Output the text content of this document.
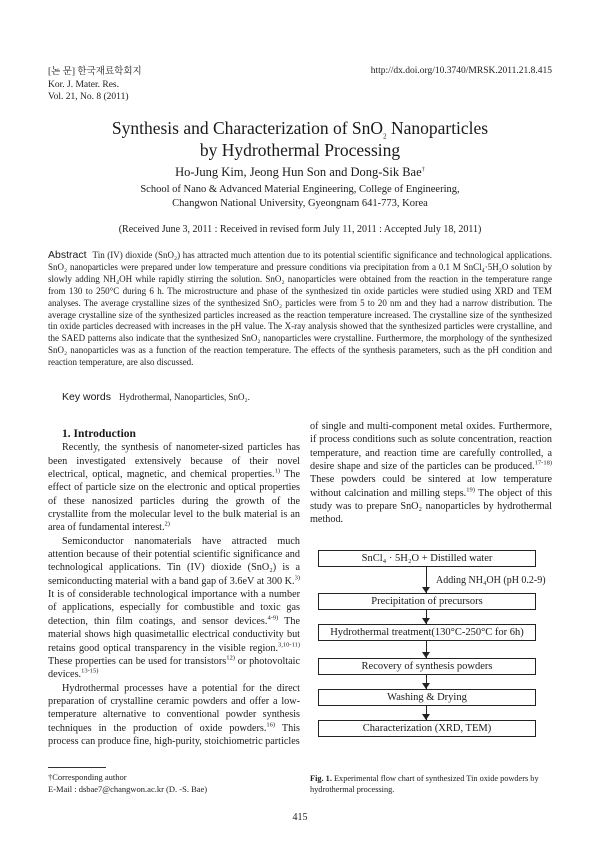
[논 문] 한국재료학회지
Kor. J. Mater. Res.
Vol. 21, No. 8 (2011)
http://dx.doi.org/10.3740/MRSK.2011.21.8.415
Synthesis and Characterization of SnO$_2$ Nanoparticles
by Hydrothermal Processing
Ho-Jung Kim, Jeong Hun Son and Dong-Sik Bae†
School of Nano & Advanced Material Engineering, College of Engineering,
Changwon National University, Gyeongnam 641-773, Korea
(Received June 3, 2011 : Received in revised form July 11, 2011 : Accepted July 18, 2011)
Abstract Tin (IV) dioxide (SnO₂) has attracted much attention due to its potential scientific significance and technological applications. SnO₂ nanoparticles were prepared under low temperature and pressure conditions via precipitation from a 0.1 M SnCl₄·5H₂O solution by slowly adding NH₄OH while rapidly stirring the solution. SnO₂ nanoparticles were obtained from the reaction in the temperature range from 130 to 250°C during 6 h. The microstructure and phase of the synthesized tin oxide particles were studied using XRD and TEM analyses. The average crystalline sizes of the synthesized SnO₂ particles were from 5 to 20 nm and they had a narrow distribution. The average crystalline size of the synthesized particles increased as the reaction temperature increased. The crystalline size of the synthesized tin oxide particles decreased with increases in the pH value. The X-ray analysis showed that the synthesized particles were crystalline, and the SAED patterns also indicate that the synthesized SnO₂ nanoparticles were crystalline. Furthermore, the morphology of the synthesized SnO₂ nanoparticles was as a function of the reaction temperature. The effects of the synthesis parameters, such as the pH condition and reaction temperature, are also discussed.
Key words Hydrothermal, Nanoparticles, SnO₂.

1. Introduction

Recently, the synthesis of nanometer-sized particles has been investigated extensively because of their novel electrical, optical, magnetic, and chemical properties.$^{1)}$ The effect of particle size on the electronic and optical properties of these nanosized particles during the growth of the crystallite from the molecular level to the bulk material is an area of fundamental interest.$^{2)}$

Semiconductor nanomaterials have attracted much attention because of their potential scientific significance and technological applications. Tin (IV) dioxide (SnO₂) is a semiconducting material with a band gap of 3.6eV at 300 K.$^{3)}$ It is of considerable technological importance with a number of applications, especially for combustible and toxic gas detection, thin film coatings, and sensor devices.$^{4-9)}$ The material shows high quasimetallic electrical conductivity but retains good optical transparency in the visible region.$^{3,10-11)}$ These properties can be used for transistors$^{12)}$ or photovoltaic devices.$^{13-15)}$

Hydrothermal processes have a potential for the direct preparation of crystalline ceramic powders and offer a low-temperature alternative to conventional powder synthesis techniques in the production of oxide powders.$^{16)}$ This process can produce fine, high-purity, stoichiometric particles

SnCl₄ · 5H₂O + Distilled water
Adding NH₄OH (pH 0.2-9)
Precipitation of precursors
Hydrothermal treatment(130°C-250°C for 6h)
Recovery of synthesis powders
Washing & Drying
Characterization (XRD, TEM)
Fig. 1. Experimental flow chart of synthesized Tin oxide powders by hydrothermal processing.

of single and multi-component metal oxides. Furthermore, if process conditions such as solute concentration, reaction temperature, and reaction time are carefully controlled, a desire shape and size of the particles can be produced.$^{17-18)}$ These powders could be sintered at low temperature without calcination and milling steps.$^{19)}$ The object of this study was to prepare SnO₂ nanoparticles by hydrothermal method.

†Corresponding author
E-Mail : dsbae7@changwon.ac.kr (D. -S. Bae)
415
